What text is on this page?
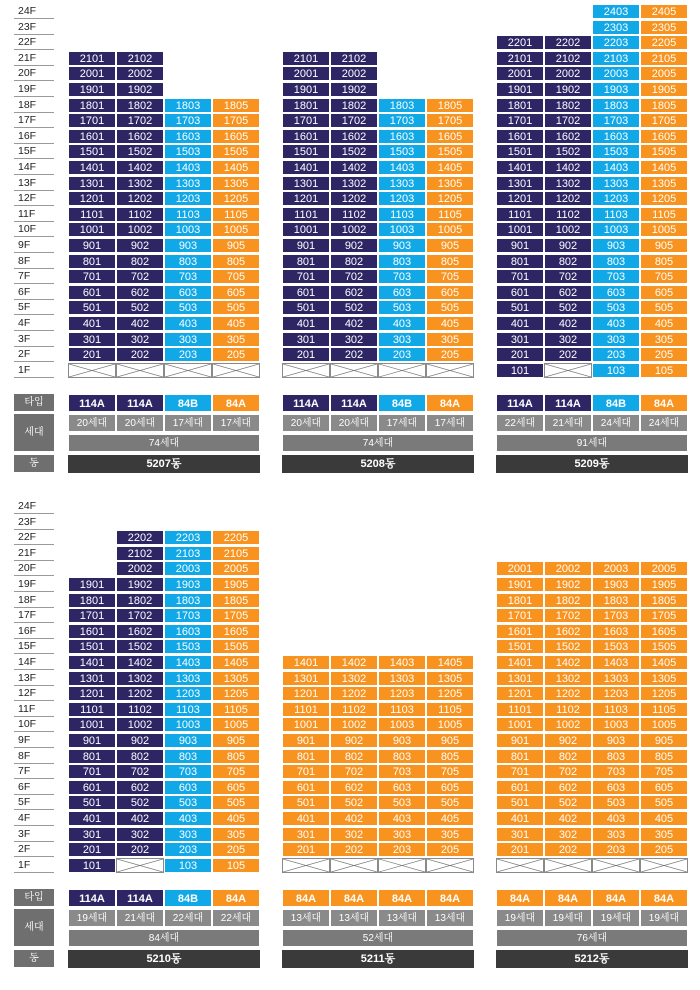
24F
23F
22F
21F
20F
19F
18F
17F
16F
15F
14F
13F
12F
11F
10F
9F
8F
7F
6F
5F
4F
3F
2F
1F
타입
세대
동
2101
2001
1901
1801
1701
1601
1501
1401
1301
1201
1101
1001
901
801
701
601
501
401
301
201
114A
20세대
2102
2002
1902
1802
1702
1602
1502
1402
1302
1202
1102
1002
902
802
702
602
502
402
302
202
114A
20세대
1803
1703
1603
1503
1403
1303
1203
1103
1003
903
803
703
603
503
403
303
203
84B
17세대
1805
1705
1605
1505
1405
1305
1205
1105
1005
905
805
705
605
505
405
305
205
84A
17세대
74세대
5207동
2101
2001
1901
1801
1701
1601
1501
1401
1301
1201
1101
1001
901
801
701
601
501
401
301
201
114A
20세대
2102
2002
1902
1802
1702
1602
1502
1402
1302
1202
1102
1002
902
802
702
602
502
402
302
202
114A
20세대
1803
1703
1603
1503
1403
1303
1203
1103
1003
903
803
703
603
503
403
303
203
84B
17세대
1805
1705
1605
1505
1405
1305
1205
1105
1005
905
805
705
605
505
405
305
205
84A
17세대
74세대
5208동
2201
2101
2001
1901
1801
1701
1601
1501
1401
1301
1201
1101
1001
901
801
701
601
501
401
301
201
101
114A
22세대
2202
2102
2002
1902
1802
1702
1602
1502
1402
1302
1202
1102
1002
902
802
702
602
502
402
302
202
114A
21세대
2403
2303
2203
2103
2003
1903
1803
1703
1603
1503
1403
1303
1203
1103
1003
903
803
703
603
503
403
303
203
103
84B
24세대
2405
2305
2205
2105
2005
1905
1805
1705
1605
1505
1405
1305
1205
1105
1005
905
805
705
605
505
405
305
205
105
84A
24세대
91세대
5209동
24F
23F
22F
21F
20F
19F
18F
17F
16F
15F
14F
13F
12F
11F
10F
9F
8F
7F
6F
5F
4F
3F
2F
1F
타입
세대
동
1901
1801
1701
1601
1501
1401
1301
1201
1101
1001
901
801
701
601
501
401
301
201
101
114A
19세대
2202
2102
2002
1902
1802
1702
1602
1502
1402
1302
1202
1102
1002
902
802
702
602
502
402
302
202
114A
21세대
2203
2103
2003
1903
1803
1703
1603
1503
1403
1303
1203
1103
1003
903
803
703
603
503
403
303
203
103
84B
22세대
2205
2105
2005
1905
1805
1705
1605
1505
1405
1305
1205
1105
1005
905
805
705
605
505
405
305
205
105
84A
22세대
84세대
5210동
1401
1301
1201
1101
1001
901
801
701
601
501
401
301
201
84A
13세대
1402
1302
1202
1102
1002
902
802
702
602
502
402
302
202
84A
13세대
1403
1303
1203
1103
1003
903
803
703
603
503
403
303
203
84A
13세대
1405
1305
1205
1105
1005
905
805
705
605
505
405
305
205
84A
13세대
52세대
5211동
2001
1901
1801
1701
1601
1501
1401
1301
1201
1101
1001
901
801
701
601
501
401
301
201
84A
19세대
2002
1902
1802
1702
1602
1502
1402
1302
1202
1102
1002
902
802
702
602
502
402
302
202
84A
19세대
2003
1903
1803
1703
1603
1503
1403
1303
1203
1103
1003
903
803
703
603
503
403
303
203
84A
19세대
2005
1905
1805
1705
1605
1505
1405
1305
1205
1105
1005
905
805
705
605
505
405
305
205
84A
19세대
76세대
5212동
